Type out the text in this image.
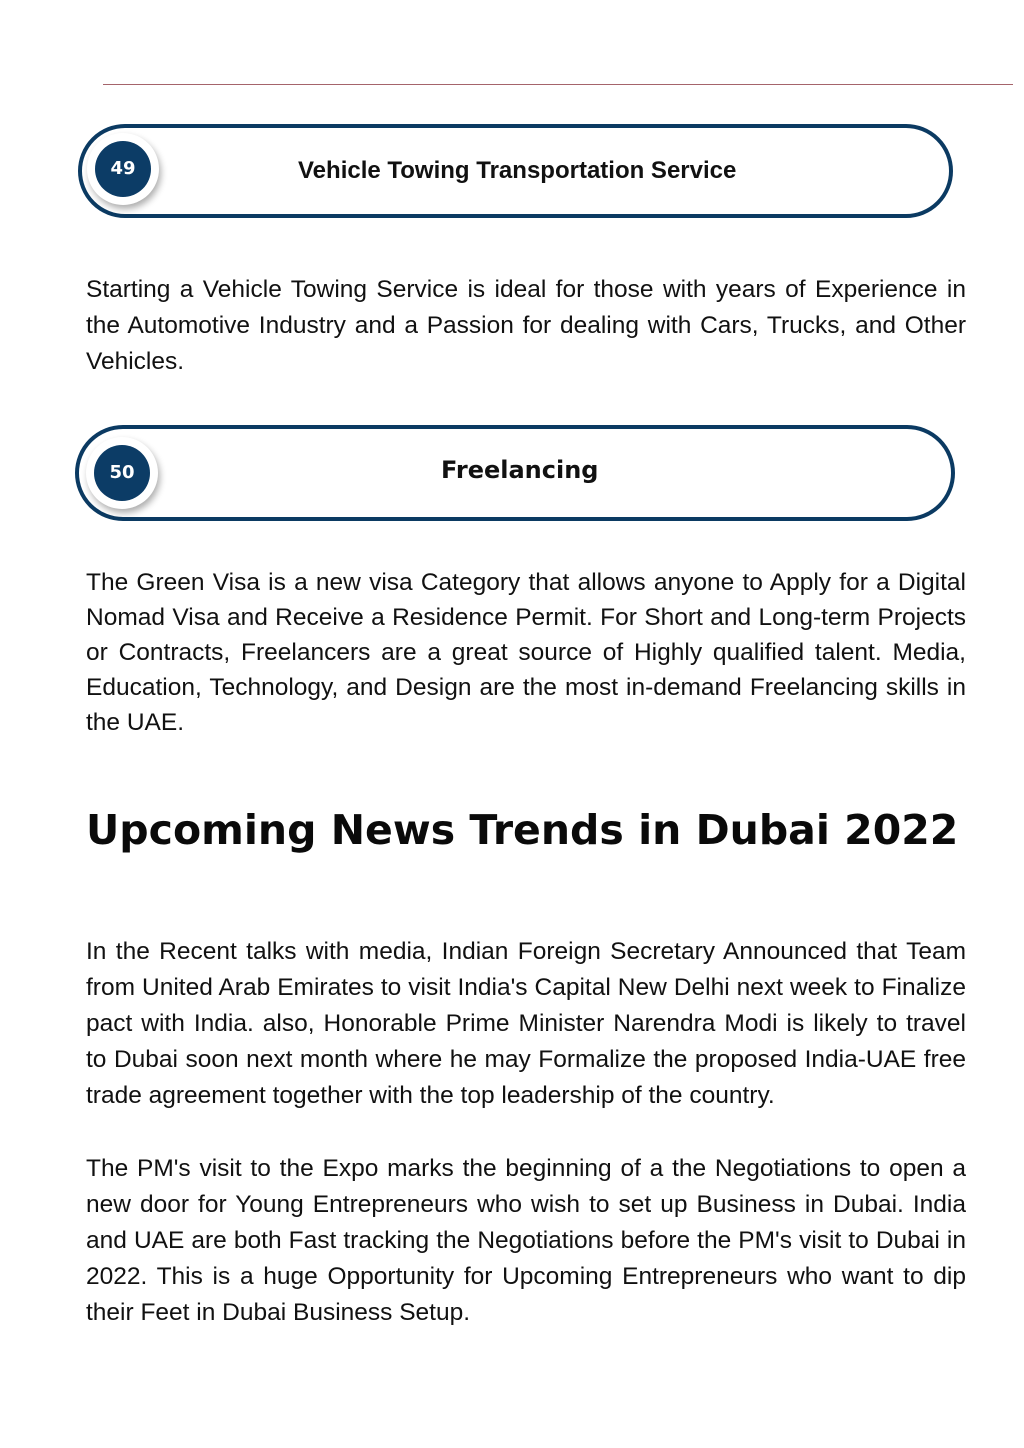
49	Vehicle Towing Transportation Service

Starting a Vehicle Towing Service is ideal for those with years of Experience in the Automotive Industry and a Passion for dealing with Cars, Trucks, and Other Vehicles.

50	Freelancing

The Green Visa is a new visa Category that allows anyone to Apply for a Digital Nomad Visa and Receive a Residence Permit. For Short and Long-term Projects or Contracts, Freelancers are a great source of Highly qualified talent. Media, Education, Technology, and Design are the most in-demand Freelancing skills in the UAE.

Upcoming News Trends in Dubai 2022

In the Recent talks with media, Indian Foreign Secretary Announced that Team from United Arab Emirates to visit India's Capital New Delhi next week to Finalize pact with India. also, Honorable Prime Minister Narendra Modi is likely to travel to Dubai soon next month where he may Formalize the proposed India-UAE free trade agreement together with the top leadership of the country.

The PM's visit to the Expo marks the beginning of a the Negotiations to open a new door for Young Entrepreneurs who wish to set up Business in Dubai. India and UAE are both Fast tracking the Negotiations before the PM's visit to Dubai in 2022. This is a huge Opportunity for Upcoming Entrepreneurs who want to dip their Feet in Dubai Business Setup.
